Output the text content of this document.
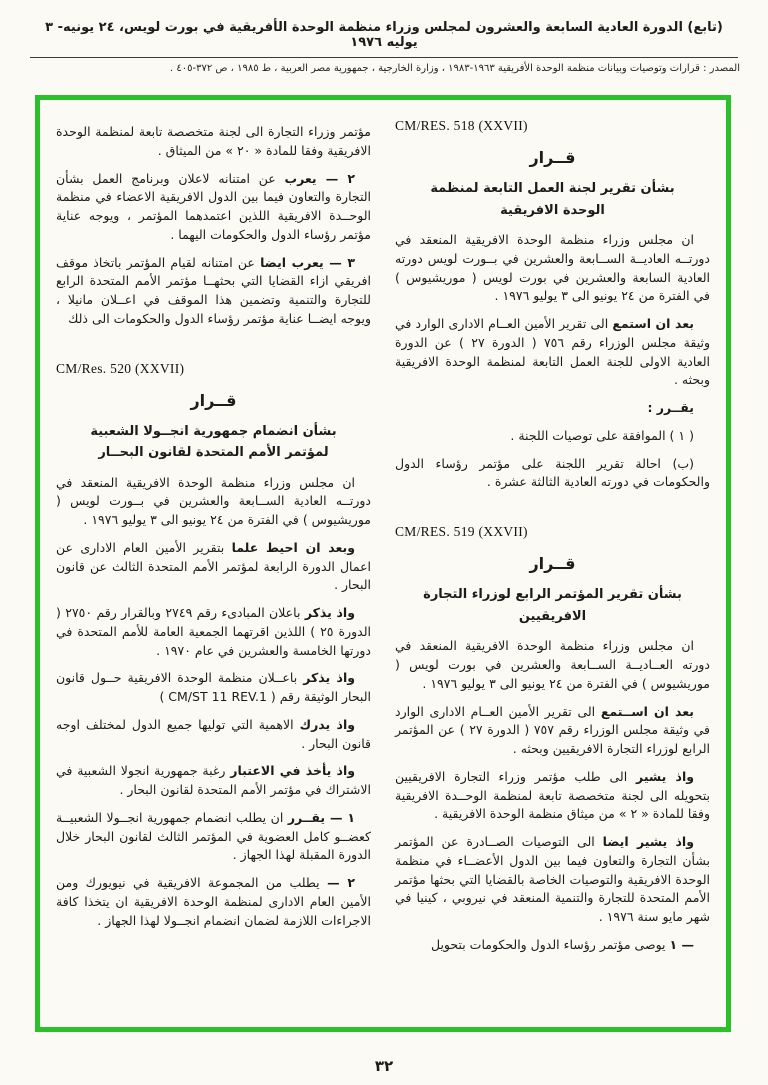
(تابع) الدورة العادية السابعة والعشرون لمجلس وزراء منظمة الوحدة الأفريقية في بورت لويس، ٢٤ يونيه- ٣ يوليه ١٩٧٦
المصدر : قرارات وتوصيات وبيانات منظمة الوحدة الأفريقية ١٩٦٣-١٩٨٣ ، وزارة الخارجية ، جمهورية مصر العربية ، ط ١٩٨٥ ، ص ٣٧٢-٤٠٥ .
CM/RES. 518 (XXVII)
قــرار
بشأن تقرير لجنة العمل التابعة لمنظمة الوحدة الافريقية

ان مجلس وزراء منظمة الوحدة الافريقية المنعقد في دورتــه العاديــة الســابعة والعشرين في بــورت لويس دورته العادية السابعة والعشرين في بورت لويس ( موريشيوس ) في الفترة من ٢٤ يونيو الى ٣ يوليو ١٩٧٦ .

بعد ان استمع الى تقرير الأمين العــام الادارى الوارد في وثيقة مجلس الوزراء رقم ٧٥٦ ( الدورة ٢٧ ) عن الدورة العادية الاولى للجنة العمل التابعة لمنظمة الوحدة الافريقية وبحثه .

يقــرر :

( ١ ) الموافقة على توصيات اللجنة .

(ب) احالة تقرير اللجنة على مؤتمر رؤساء الدول والحكومات في دورته العادية الثالثة عشرة .

CM/RES. 519 (XXVII)
قــرار
بشأن تقرير المؤتمر الرابع لوزراء التجارة الافريقيين

ان مجلس وزراء منظمة الوحدة الافريقية المنعقد في دورته العــاديــة الســابعة والعشرين في بورت لويس ( موريشيوس ) في الفترة من ٢٤ يونيو الى ٣ يوليو ١٩٧٦ .

بعد ان اســتمع الى تقرير الأمين العــام الادارى الوارد في وثيقة مجلس الوزراء رقم ٧٥٧ ( الدورة ٢٧ ) عن المؤتمر الرابع لوزراء التجارة الافريقيين وبحثه .

واذ يشير الى طلب مؤتمر وزراء التجارة الافريقيين بتحويله الى لجنة متخصصة تابعة لمنظمة الوحــدة الافريقية وفقا للمادة « ٢ » من ميثاق منظمة الوحدة الافريقية .

واذ يشير ايضا الى التوصيات الصــادرة عن المؤتمر بشأن التجارة والتعاون فيما بين الدول الأعضــاء في منظمة الوحدة الافريقية والتوصيات الخاصة بالقضايا التي بحثها مؤتمر الأمم المتحدة للتجارة والتنمية المنعقد في نيروبي ، كينيا في شهر مايو سنة ١٩٧٦ .

— ١ يوصى مؤتمر رؤساء الدول والحكومات بتحويل

مؤتمر وزراء التجارة الى لجنة متخصصة تابعة لمنظمة الوحدة الافريقية وفقا للمادة « ٢٠ » من الميثاق .

٢ — يعرب عن امتنانه لاعلان وبرنامج العمل بشأن التجارة والتعاون فيما بين الدول الافريقية الاعضاء في منظمة الوحــدة الافريقية اللذين اعتمدهما المؤتمر ، ويوجه عناية مؤتمر رؤساء الدول والحكومات اليهما .

٣ — يعرب ايضا عن امتنانه لقيام المؤتمر باتخاذ موقف افريقي ازاء القضايا التي بحثهــا مؤتمر الأمم المتحدة الرابع للتجارة والتنمية وتضمين هذا الموقف في اعــلان مانيلا ، ويوجه ايضــا عناية مؤتمر رؤساء الدول والحكومات الى ذلك

CM/Res. 520 (XXVII)
قــرار
بشأن انضمام جمهورية انجــولا الشعبية لمؤتمر الأمم المتحدة لقانون البحــار

ان مجلس وزراء منظمة الوحدة الافريقية المنعقد في دورتــه العادية الســابعة والعشرين في بــورت لويس ( موريشيوس ) في الفترة من ٢٤ يونيو الى ٣ يوليو ١٩٧٦ .

وبعد ان احيط علما بتقرير الأمين العام الادارى عن اعمال الدورة الرابعة لمؤتمر الأمم المتحدة الثالث عن قانون البحار .

واذ يذكر باعلان المبادىء رقم ٢٧٤٩ وبالقرار رقم ٢٧٥٠ ( الدورة ٢٥ ) اللذين اقرتهما الجمعية العامة للأمم المتحدة في دورتها الخامسة والعشرين في عام ١٩٧٠ .

واذ يذكر باعــلان منظمة الوحدة الافريقية حــول قانون البحار الوثيقة رقم ( CM/ST 11 REV.1 )

واذ يدرك الاهمية التي توليها جميع الدول لمختلف اوجه قانون البحار .

واذ يأخذ في الاعتبار رغبة جمهورية انجولا الشعبية في الاشتراك في مؤتمر الأمم المتحدة لقانون البحار .

١ — يقــرر ان يطلب انضمام جمهورية انجــولا الشعبيــة كعضــو كامل العضوية في المؤتمر الثالث لقانون البحار خلال الدورة المقبلة لهذا الجهاز .

٢ — يطلب من المجموعة الافريقية في نيويورك ومن الأمين العام الادارى لمنظمة الوحدة الافريقية ان يتخذا كافة الاجراءات اللازمة لضمان انضمام انجــولا لهذا الجهاز .

٣٢
